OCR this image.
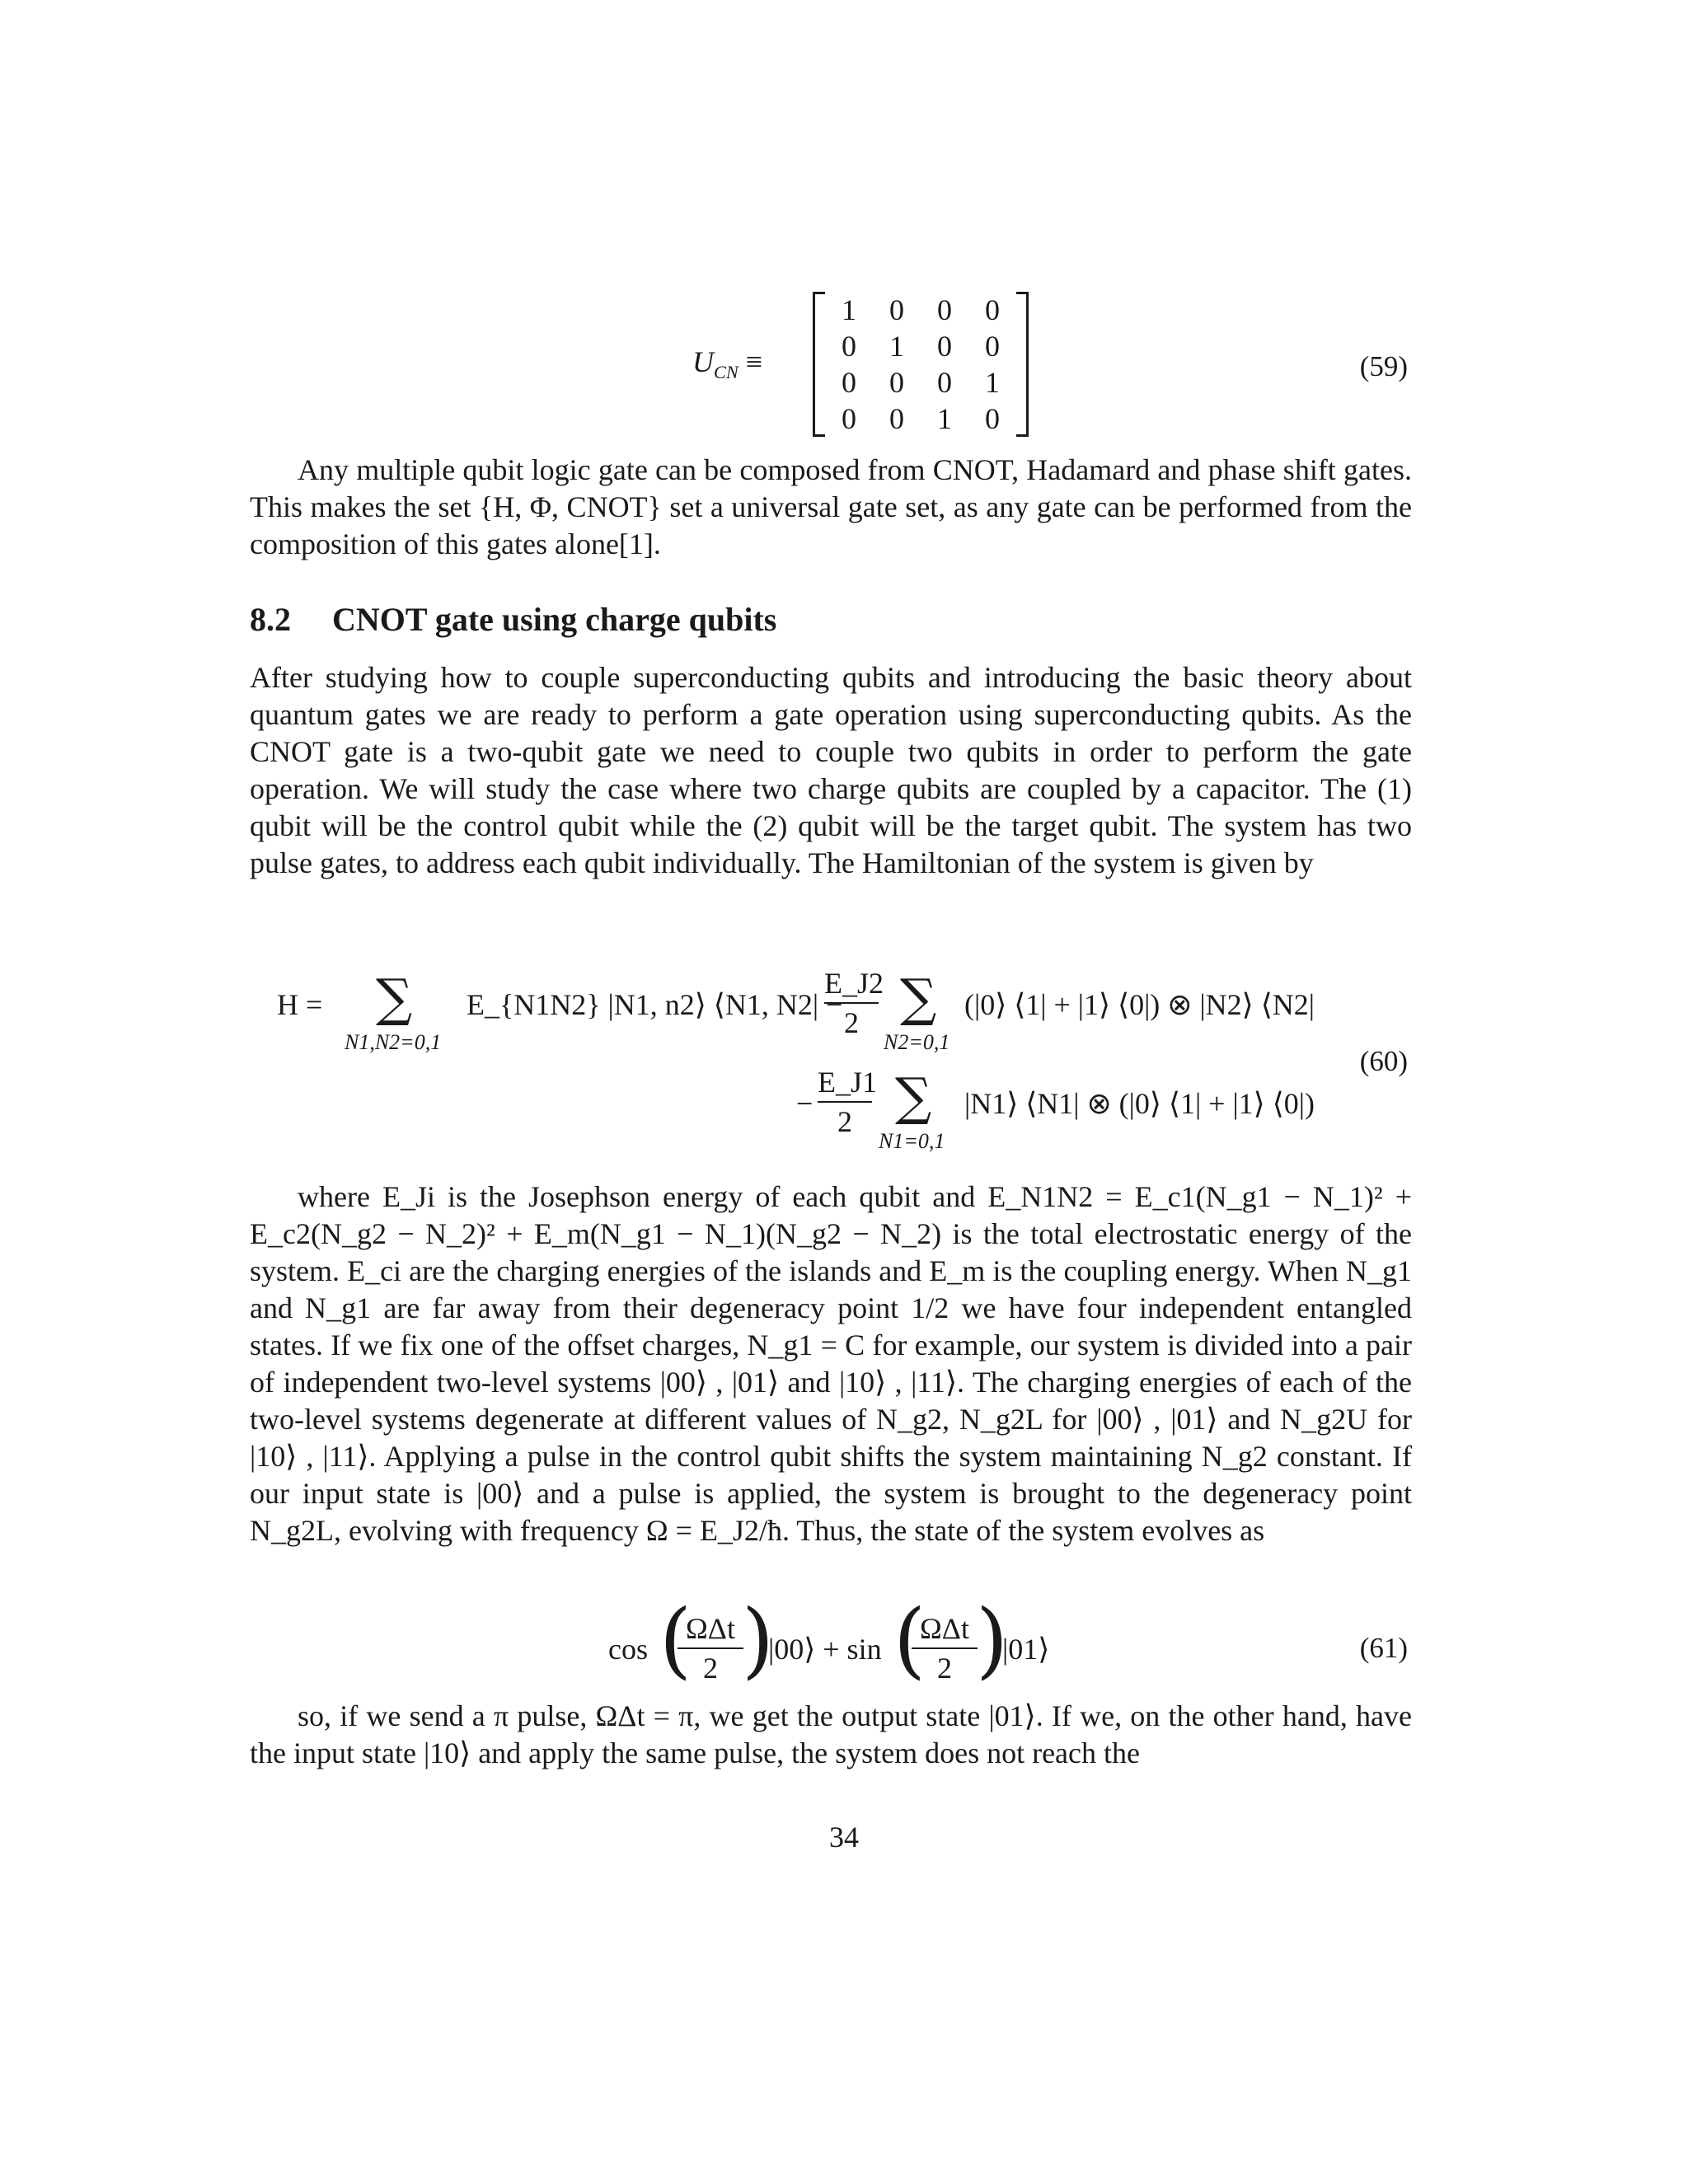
$U_{CN}$ ≡
1	0	0	0
0	1	0	0
0	0	0	1
0	0	1	0
(59)

Any multiple qubit logic gate can be composed from CNOT, Hadamard and phase shift gates. This makes the set {H, Φ, CNOT} set a universal gate set, as any gate can be performed from the composition of this gates alone[1].

8.2 CNOT gate using charge qubits

After studying how to couple superconducting qubits and introducing the basic theory about quantum gates we are ready to perform a gate operation using superconducting qubits. As the CNOT gate is a two-qubit gate we need to couple two qubits in order to perform the gate operation. We will study the case where two charge qubits are coupled by a capacitor. The (1) qubit will be the control qubit while the (2) qubit will be the target qubit. The system has two pulse gates, to address each qubit individually. The Hamiltonian of the system is given by

H = ∑
N1,N2=0,1
E_{N1N2} |N1, n2⟩ ⟨N1, N2| −
E_J2
2 ∑
N2=0,1
(|0⟩ ⟨1| + |1⟩ ⟨0|) ⊗ |N2⟩ ⟨N2|
−
E_J1
2 ∑
N1=0,1
|N1⟩ ⟨N1| ⊗ (|0⟩ ⟨1| + |1⟩ ⟨0|)
(60)

where E_Ji is the Josephson energy of each qubit and E_N1N2 = E_c1(N_g1 − N_1)² + E_c2(N_g2 − N_2)² + E_m(N_g1 − N_1)(N_g2 − N_2) is the total electrostatic energy of the system. E_ci are the charging energies of the islands and E_m is the coupling energy. When N_g1 and N_g1 are far away from their degeneracy point 1/2 we have four independent entangled states. If we fix one of the offset charges, N_g1 = C for example, our system is divided into a pair of independent two-level systems |00⟩ , |01⟩ and |10⟩ , |11⟩. The charging energies of each of the two-level systems degenerate at different values of N_g2, N_g2L for |00⟩ , |01⟩ and N_g2U for |10⟩ , |11⟩. Applying a pulse in the control qubit shifts the system maintaining N_g2 constant. If our input state is |00⟩ and a pulse is applied, the system is brought to the degeneracy point N_g2L, evolving with frequency Ω = E_J2/ħ. Thus, the state of the system evolves as

cos (
ΩΔt
2 )
|00⟩ + sin (
ΩΔt
2 )
|01⟩	(61)

so, if we send a π pulse, ΩΔt = π, we get the output state |01⟩. If we, on the other hand, have the input state |10⟩ and apply the same pulse, the system does not reach the

34
